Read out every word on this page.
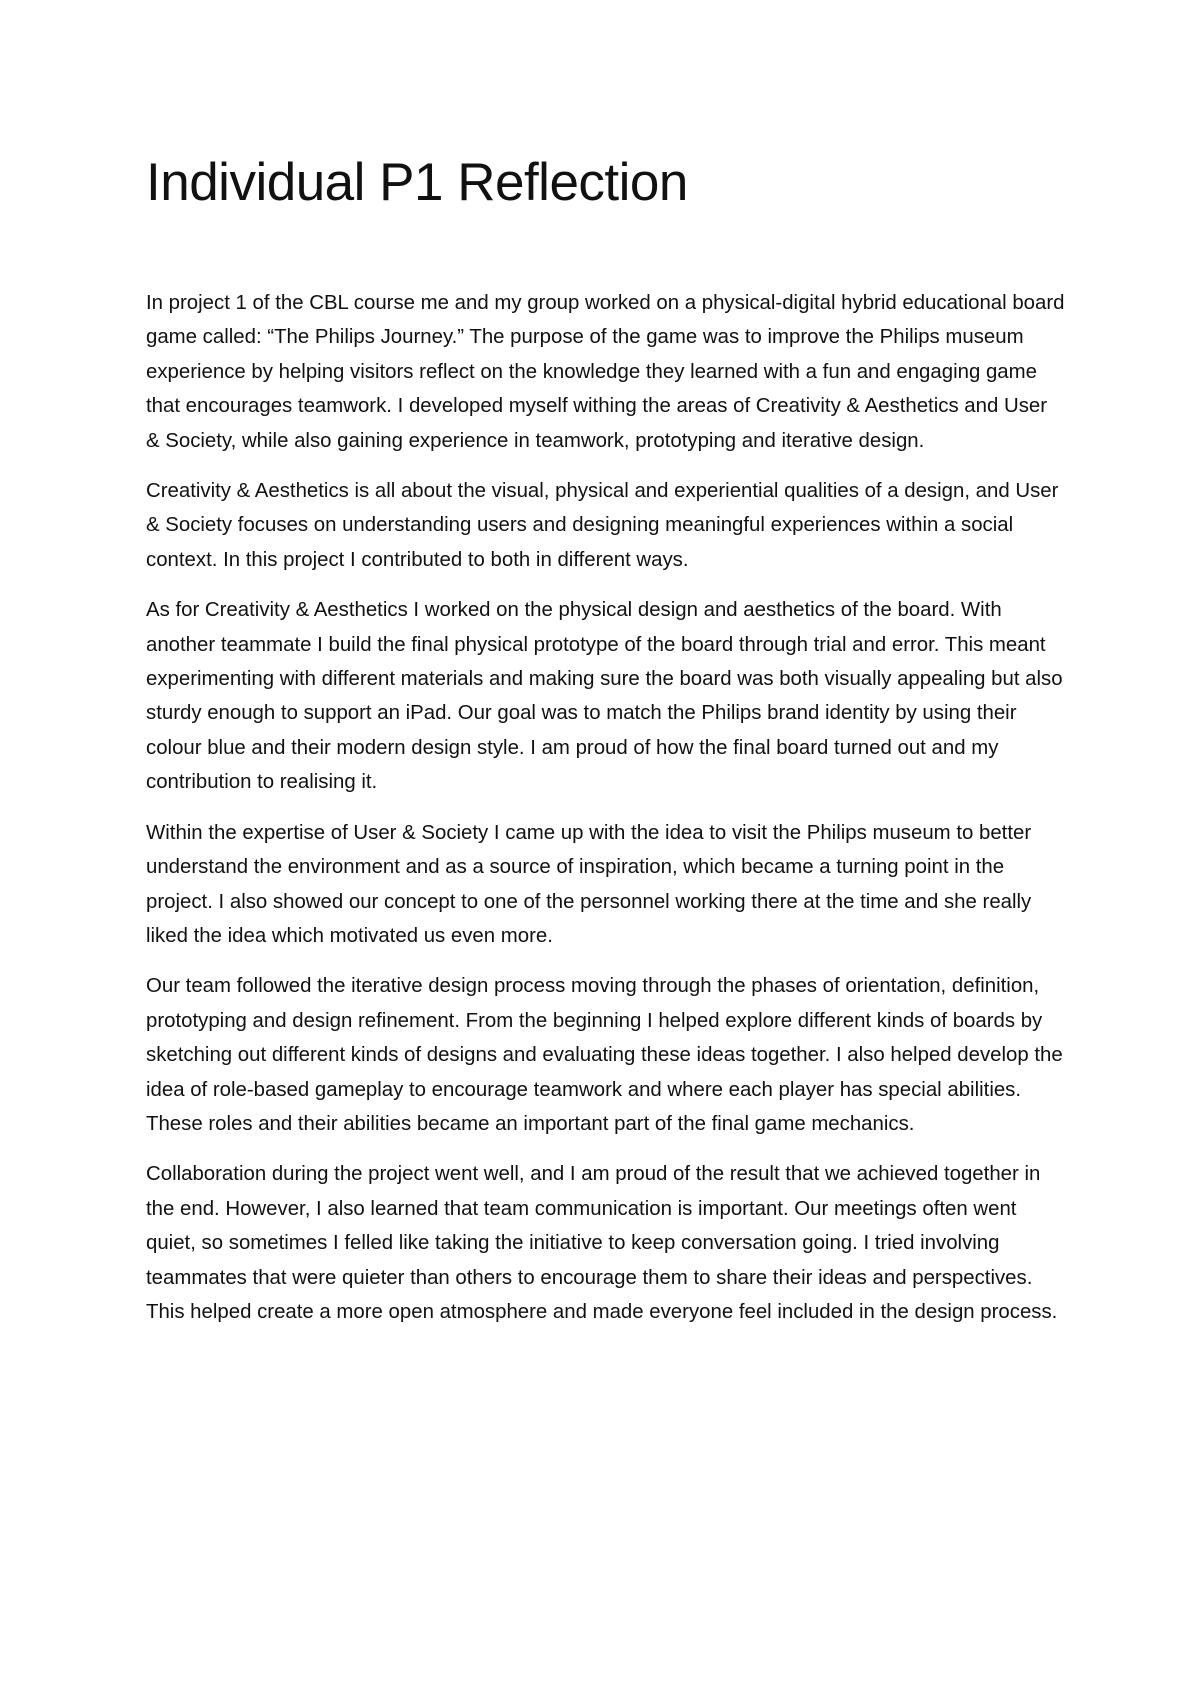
Individual P1 Reflection

In project 1 of the CBL course me and my group worked on a physical-digital hybrid educational board game called: “The Philips Journey.” The purpose of the game was to improve the Philips museum experience by helping visitors reflect on the knowledge they learned with a fun and engaging game that encourages teamwork. I developed myself withing the areas of Creativity & Aesthetics and User & Society, while also gaining experience in teamwork, prototyping and iterative design.

Creativity & Aesthetics is all about the visual, physical and experiential qualities of a design, and User & Society focuses on understanding users and designing meaningful experiences within a social context. In this project I contributed to both in different ways.

As for Creativity & Aesthetics I worked on the physical design and aesthetics of the board. With another teammate I build the final physical prototype of the board through trial and error. This meant experimenting with different materials and making sure the board was both visually appealing but also sturdy enough to support an iPad. Our goal was to match the Philips brand identity by using their colour blue and their modern design style. I am proud of how the final board turned out and my contribution to realising it.

Within the expertise of User & Society I came up with the idea to visit the Philips museum to better understand the environment and as a source of inspiration, which became a turning point in the project. I also showed our concept to one of the personnel working there at the time and she really liked the idea which motivated us even more.

Our team followed the iterative design process moving through the phases of orientation, definition, prototyping and design refinement. From the beginning I helped explore different kinds of boards by sketching out different kinds of designs and evaluating these ideas together. I also helped develop the idea of role-based gameplay to encourage teamwork and where each player has special abilities. These roles and their abilities became an important part of the final game mechanics.

Collaboration during the project went well, and I am proud of the result that we achieved together in the end. However, I also learned that team communication is important. Our meetings often went quiet, so sometimes I felled like taking the initiative to keep conversation going. I tried involving teammates that were quieter than others to encourage them to share their ideas and perspectives. This helped create a more open atmosphere and made everyone feel included in the design process.
